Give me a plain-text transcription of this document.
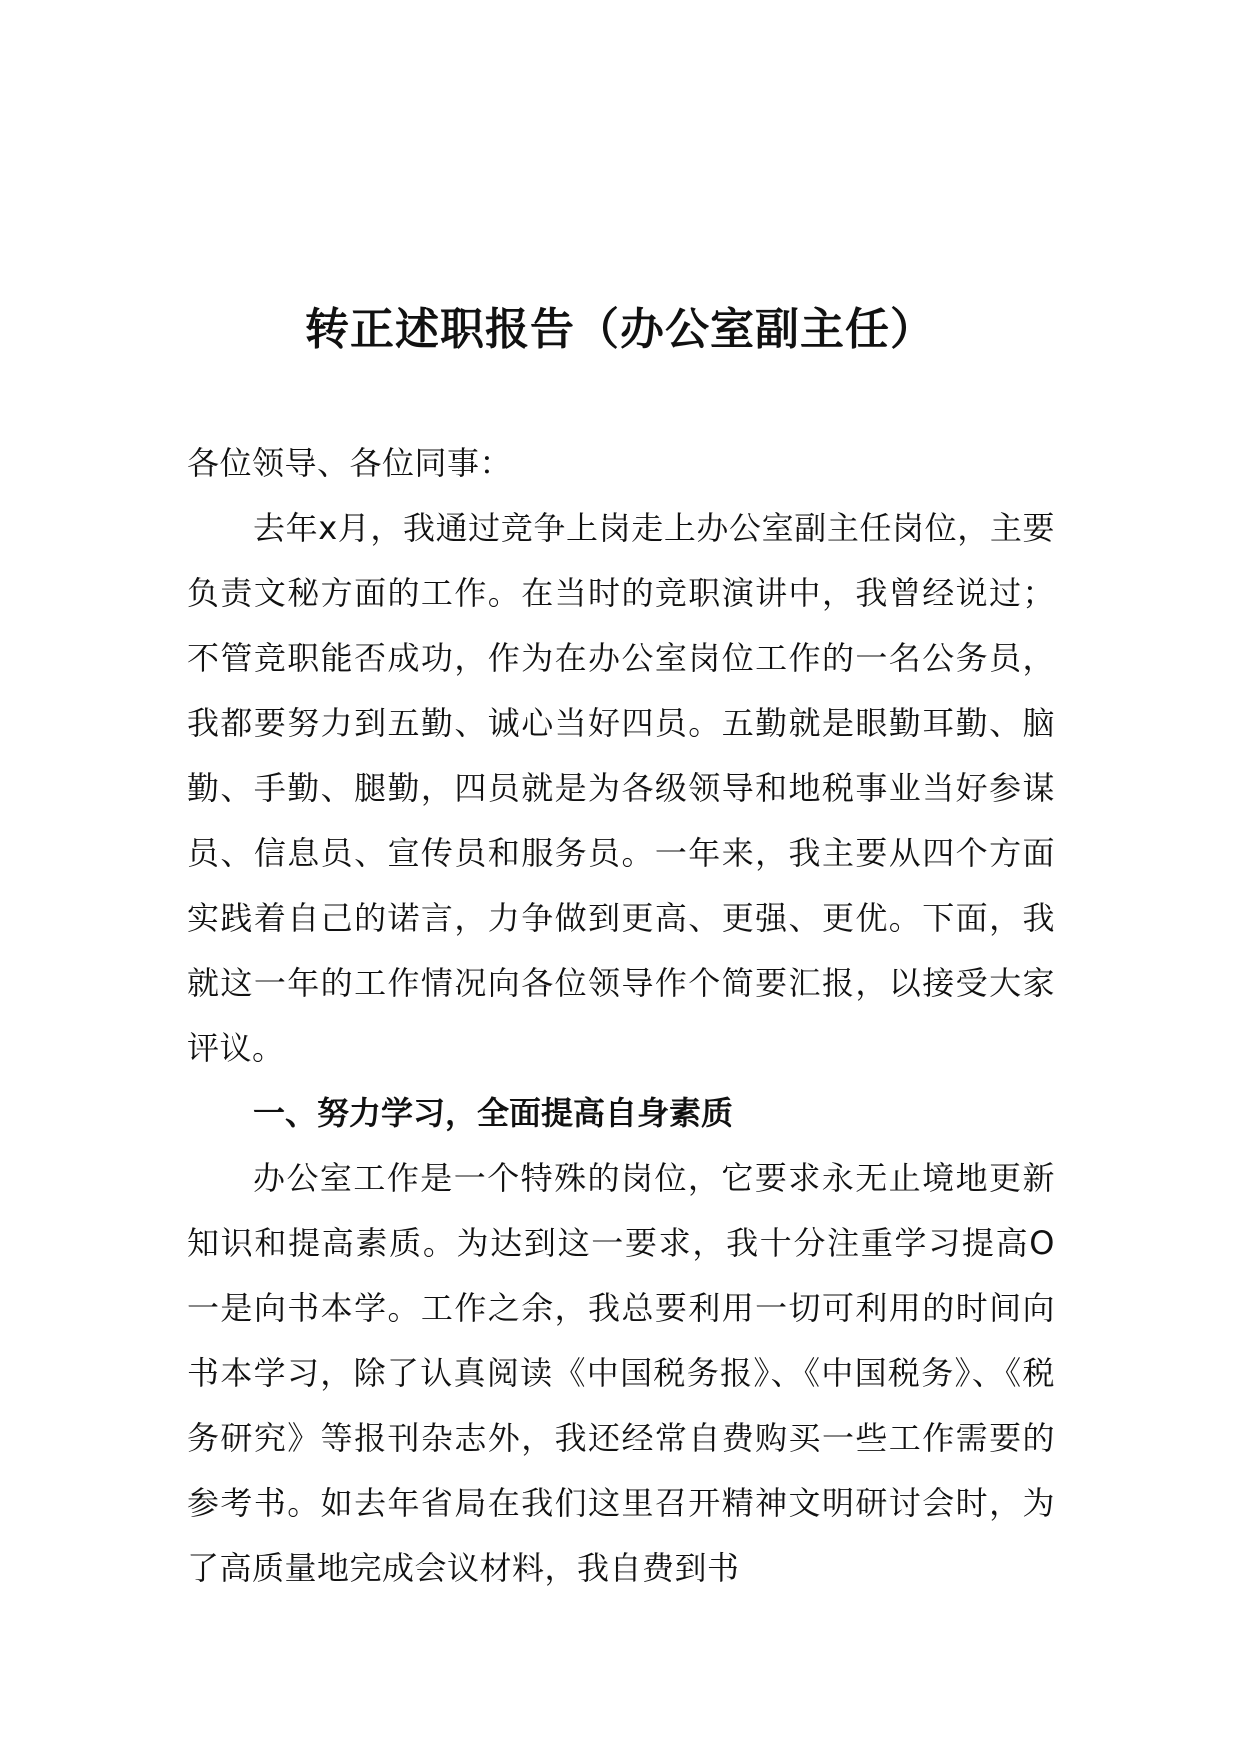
转正述职报告（办公室副主任）

各位领导、各位同事：

去年x月，我通过竞争上岗走上办公室副主任岗位，主要负责文秘方面的工作。在当时的竞职演讲中，我曾经说过；不管竞职能否成功，作为在办公室岗位工作的一名公务员，我都要努力到五勤、诚心当好四员。五勤就是眼勤耳勤、脑勤、手勤、腿勤，四员就是为各级领导和地税事业当好参谋员、信息员、宣传员和服务员。一年来，我主要从四个方面实践着自己的诺言，力争做到更高、更强、更优。下面，我就这一年的工作情况向各位领导作个简要汇报，以接受大家评议。

一、努力学习，全面提高自身素质

办公室工作是一个特殊的岗位，它要求永无止境地更新知识和提高素质。为达到这一要求，我十分注重学习提高O一是向书本学。工作之余，我总要利用一切可利用的时间向书本学习，除了认真阅读《中国税务报》、《中国税务》、《税务研究》等报刊杂志外，我还经常自费购买一些工作需要的参考书。如去年省局在我们这里召开精神文明研讨会时，为了高质量地完成会议材料，我自费到书
